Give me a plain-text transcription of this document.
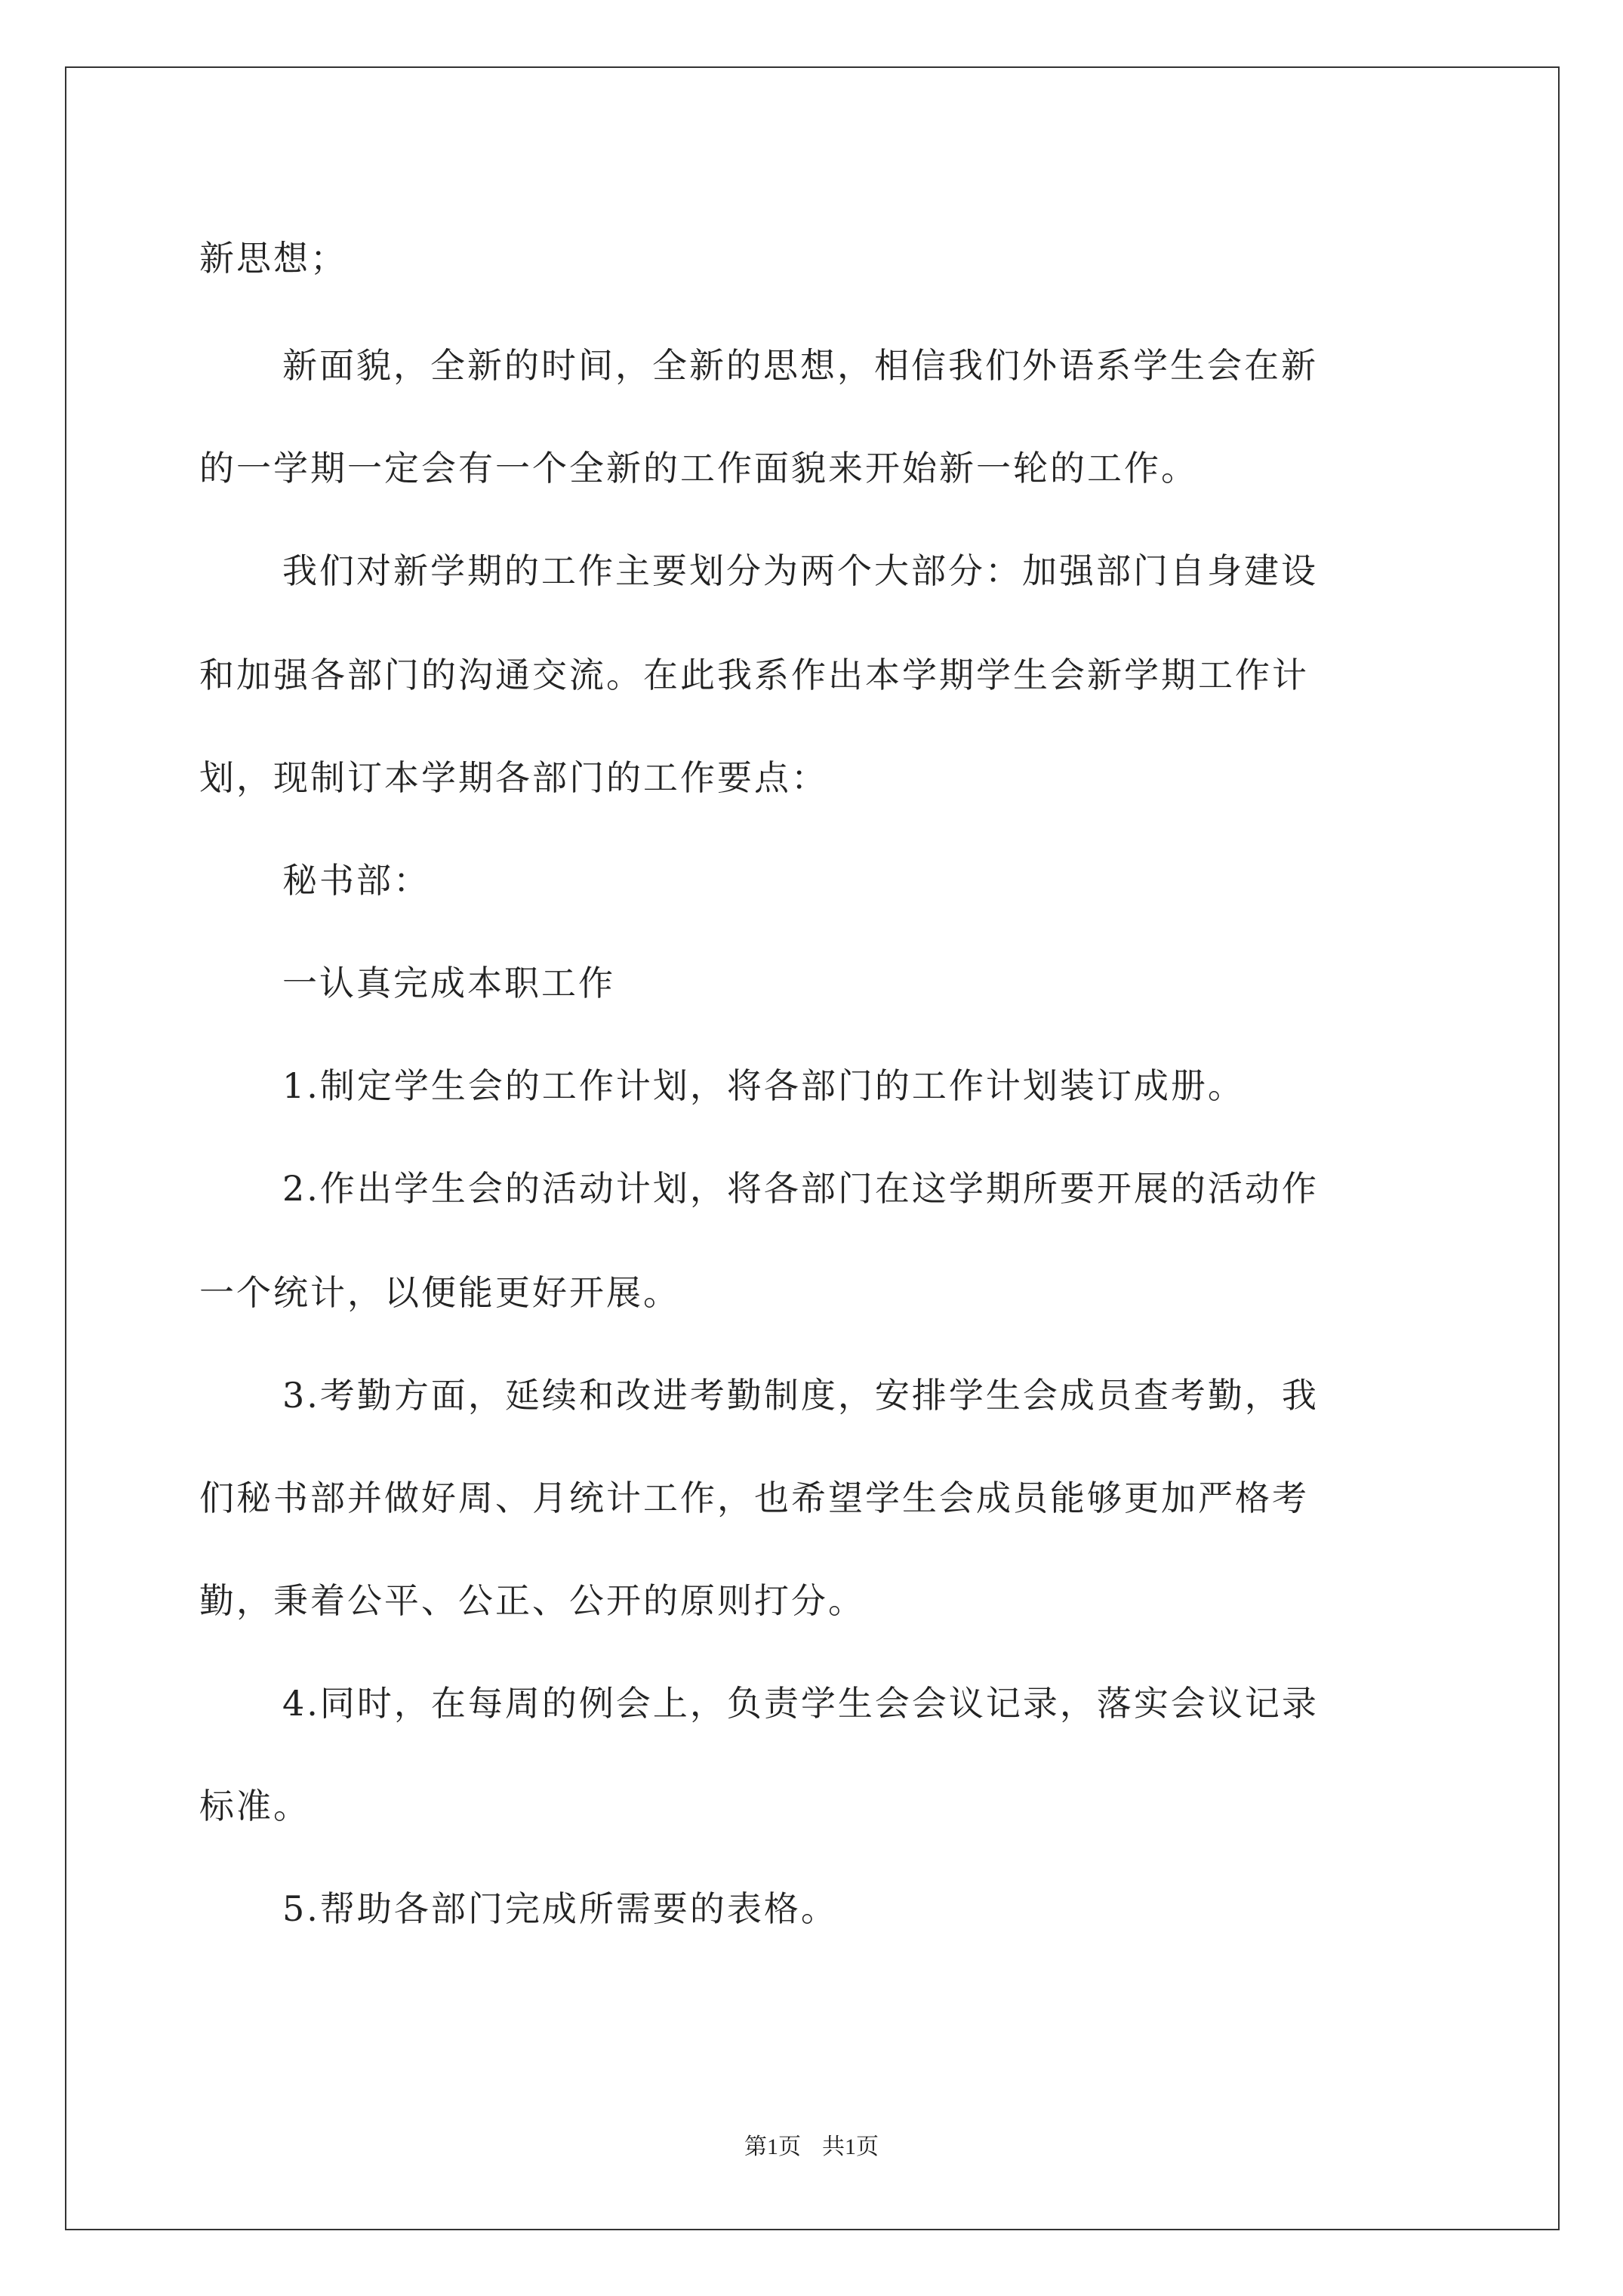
新思想；

新面貌，全新的时间，全新的思想，相信我们外语系学生会在新

的一学期一定会有一个全新的工作面貌来开始新一轮的工作。

我们对新学期的工作主要划分为两个大部分：加强部门自身建设

和加强各部门的沟通交流。在此我系作出本学期学生会新学期工作计

划，现制订本学期各部门的工作要点：

秘书部：

一认真完成本职工作

1.制定学生会的工作计划，将各部门的工作计划装订成册。

2.作出学生会的活动计划，将各部门在这学期所要开展的活动作

一个统计，以便能更好开展。

3.考勤方面，延续和改进考勤制度，安排学生会成员查考勤，我

们秘书部并做好周、月统计工作，也希望学生会成员能够更加严格考

勤，秉着公平、公正、公开的原则打分。

4.同时，在每周的例会上，负责学生会会议记录，落实会议记录

标准。

5.帮助各部门完成所需要的表格。

第1页 共1页
